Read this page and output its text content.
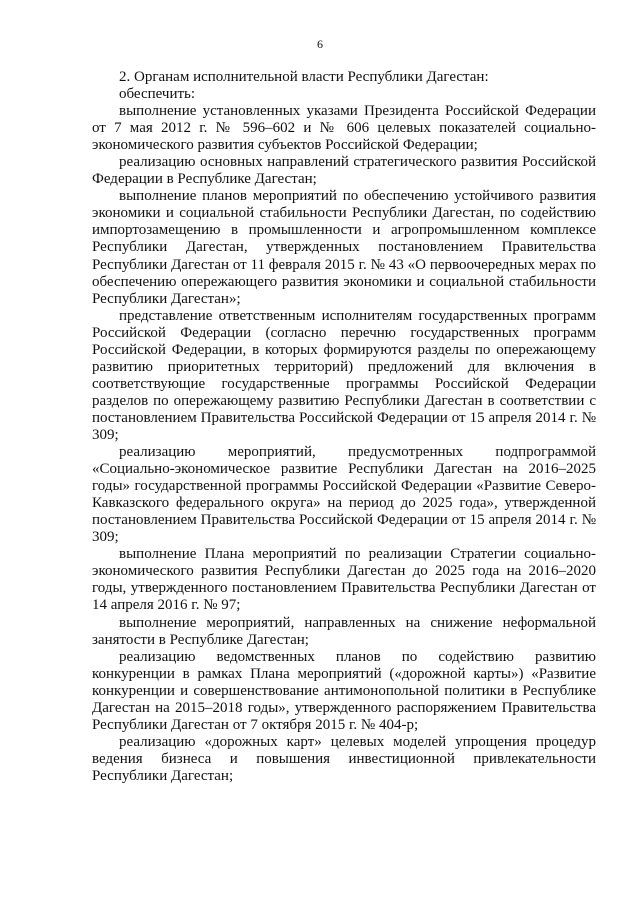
6

2. Органам исполнительной власти Республики Дагестан:

обеспечить:

выполнение установленных указами Президента Российской Федерации от 7 мая 2012 г. № 596–602 и № 606 целевых показателей социально-экономического развития субъектов Российской Федерации;

реализацию основных направлений стратегического развития Российской Федерации в Республике Дагестан;

выполнение планов мероприятий по обеспечению устойчивого развития экономики и социальной стабильности Республики Дагестан, по содействию импортозамещению в промышленности и агропромышленном комплексе Республики Дагестан, утвержденных постановлением Правительства Республики Дагестан от 11 февраля 2015 г. № 43 «О первоочередных мерах по обеспечению опережающего развития экономики и социальной стабильности Республики Дагестан»;

представление ответственным исполнителям государственных программ Российской Федерации (согласно перечню государственных программ Российской Федерации, в которых формируются разделы по опережающему развитию приоритетных территорий) предложений для включения в соответствующие государственные программы Российской Федерации разделов по опережающему развитию Республики Дагестан в соответствии с постановлением Правительства Российской Федерации от 15 апреля 2014 г. № 309;

реализацию мероприятий, предусмотренных подпрограммой «Социально-экономическое развитие Республики Дагестан на 2016–2025 годы» государственной программы Российской Федерации «Развитие Северо-Кавказского федерального округа» на период до 2025 года», утвержденной постановлением Правительства Российской Федерации от 15 апреля 2014 г. № 309;

выполнение Плана мероприятий по реализации Стратегии социально-экономического развития Республики Дагестан до 2025 года на 2016–2020 годы, утвержденного постановлением Правительства Республики Дагестан от 14 апреля 2016 г. № 97;

выполнение мероприятий, направленных на снижение неформальной занятости в Республике Дагестан;

реализацию ведомственных планов по содействию развитию конкуренции в рамках Плана мероприятий («дорожной карты») «Развитие конкуренции и совершенствование антимонопольной политики в Республике Дагестан на 2015–2018 годы», утвержденного распоряжением Правительства Республики Дагестан от 7 октября 2015 г. № 404-р;

реализацию «дорожных карт» целевых моделей упрощения процедур ведения бизнеса и повышения инвестиционной привлекательности Республики Дагестан;
